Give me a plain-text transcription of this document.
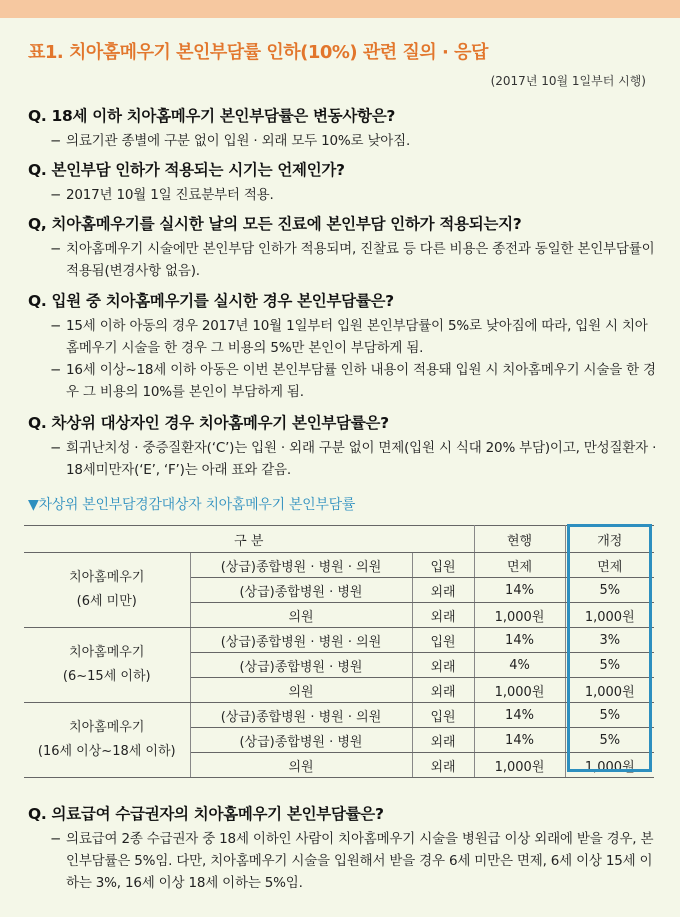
표1. 치아홈메우기 본인부담률 인하(10%) 관련 질의 · 응답
(2017년 10월 1일부터 시행)
Q. 18세 이하 치아홈메우기 본인부담률은 변동사항은?
− 의료기관 종별에 구분 없이 입원 · 외래 모두 10%로 낮아짐.
Q. 본인부담 인하가 적용되는 시기는 언제인가?
− 2017년 10월 1일 진료분부터 적용.
Q, 치아홈메우기를 실시한 날의 모든 진료에 본인부담 인하가 적용되는지?
− 치아홈메우기 시술에만 본인부담 인하가 적용되며, 진찰료 등 다른 비용은 종전과 동일한 본인부담률이 적용됨(변경사항 없음).
Q. 입원 중 치아홈메우기를 실시한 경우 본인부담률은?
− 15세 이하 아동의 경우 2017년 10월 1일부터 입원 본인부담률이 5%로 낮아짐에 따라, 입원 시 치아홈메우기 시술을 한 경우 그 비용의 5%만 본인이 부담하게 됨.
− 16세 이상~18세 이하 아동은 이번 본인부담률 인하 내용이 적용돼 입원 시 치아홈메우기 시술을 한 경우 그 비용의 10%를 본인이 부담하게 됨.
Q. 차상위 대상자인 경우 치아홈메우기 본인부담률은?
− 희귀난치성 · 중증질환자(‘C’)는 입원 · 외래 구분 없이 면제(입원 시 식대 20% 부담)이고, 만성질환자 · 18세미만자(‘E’, ‘F’)는 아래 표와 같음.
▼차상위 본인부담경감대상자 치아홈메우기 본인부담률
구 분			현행	개정
치아홈메우기
(6세 미만)	(상급)종합병원 · 병원 · 의원	입원	면제	면제
	(상급)종합병원 · 병원	외래	14%	5%
	의원	외래	1,000원	1,000원
치아홈메우기
(6~15세 이하)	(상급)종합병원 · 병원 · 의원	입원	14%	3%
	(상급)종합병원 · 병원	외래	4%	5%
	의원	외래	1,000원	1,000원
치아홈메우기
(16세 이상~18세 이하)	(상급)종합병원 · 병원 · 의원	입원	14%	5%
	(상급)종합병원 · 병원	외래	14%	5%
	의원	외래	1,000원	1,000원
Q. 의료급여 수급권자의 치아홈메우기 본인부담률은?
− 의료급여 2종 수급권자 중 18세 이하인 사람이 치아홈메우기 시술을 병원급 이상 외래에 받을 경우, 본인부담률은 5%임. 다만, 치아홈메우기 시술을 입원해서 받을 경우 6세 미만은 면제, 6세 이상 15세 이하는 3%, 16세 이상 18세 이하는 5%임.
